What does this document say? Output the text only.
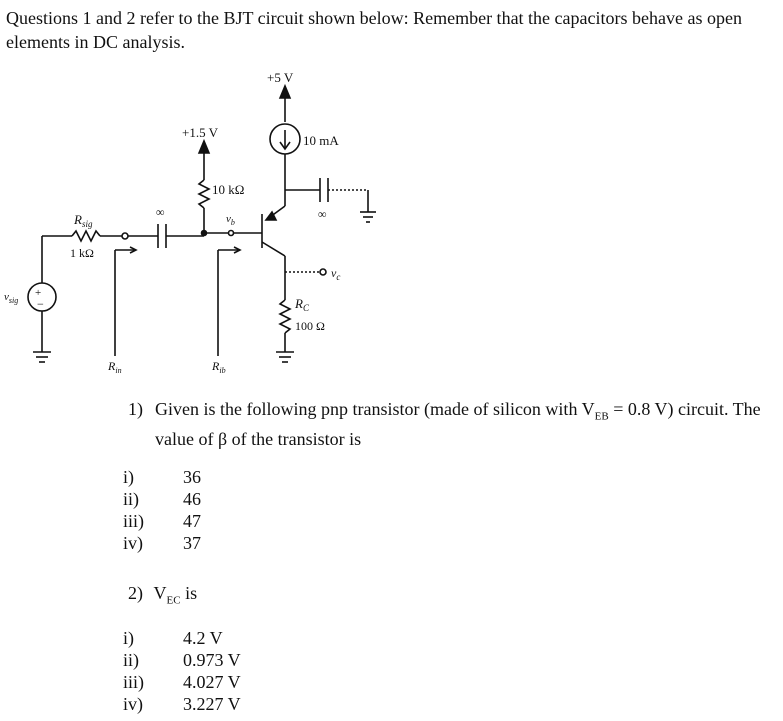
Questions 1 and 2 refer to the BJT circuit shown below: Remember that the capacitors behave as open elements in DC analysis.

+5 V
10 mA
∞
$v_c$
$R_C$
100 Ω
+1.5 V
10 kΩ
$v_b$
∞
$R_{sig}$
1 kΩ
+
−
$v_{sig}$
$R_{in}$	$R_{ib}$
1) Given is the following pnp transistor (made of silicon with $V_{EB} = 0.8$ V) circuit. The value of β of the transistor is
i)	36
ii) 46
iii) 47
iv) 37
2) $V_{EC}$ is
i)	4.2 V
ii) 0.973 V
iii) 4.027 V
iv) 3.227 V
